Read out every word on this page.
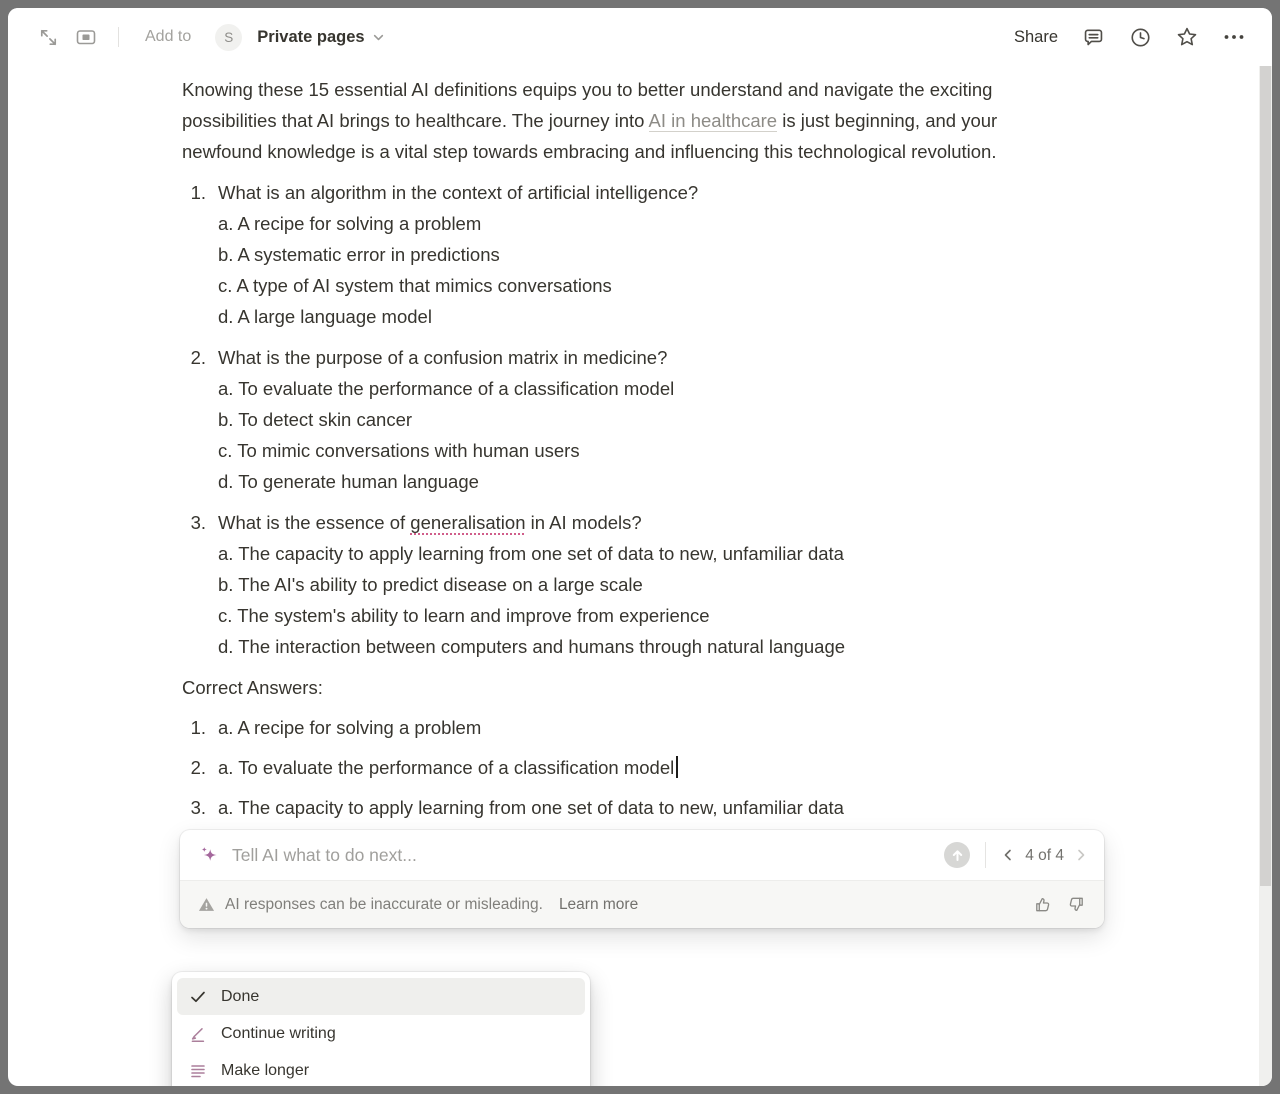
Add to	S	Private pages	Share

Knowing these 15 essential AI definitions equips you to better understand and navigate the exciting possibilities that AI brings to healthcare. The journey into AI in healthcare is just beginning, and your newfound knowledge is a vital step towards embracing and influencing this technological revolution.

1. What is an algorithm in the context of artificial intelligence?
a. A recipe for solving a problem
b. A systematic error in predictions
c. A type of AI system that mimics conversations
d. A large language model
2. What is the purpose of a confusion matrix in medicine?
a. To evaluate the performance of a classification model
b. To detect skin cancer
c. To mimic conversations with human users
d. To generate human language
3. What is the essence of generalisation in AI models?
a. The capacity to apply learning from one set of data to new, unfamiliar data
b. The AI's ability to predict disease on a large scale
c. The system's ability to learn and improve from experience
d. The interaction between computers and humans through natural language

Correct Answers:

1. a. A recipe for solving a problem
2. a. To evaluate the performance of a classification model
3. a. The capacity to apply learning from one set of data to new, unfamiliar data
Tell AI what to do next...	4 of 4
AI responses can be inaccurate or misleading. Learn more
Done
Continue writing
Make longer
